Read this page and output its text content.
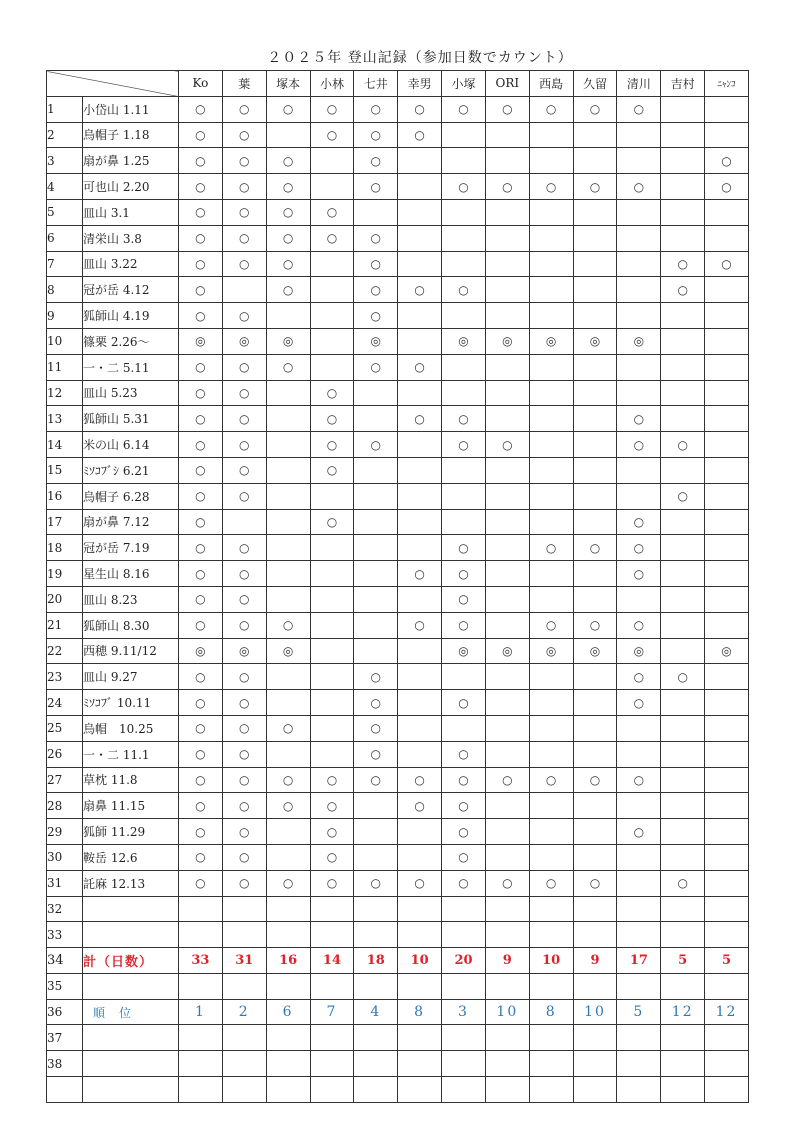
２０２５年 登山記録（参加日数でカウント）
		Ko	葉	塚本	小林	七井	幸男	小塚	ORI	西島	久留	清川	吉村	ﾆｬﾝｺ
1	小岱山 1.11	○	○	○	○	○	○	○	○	○	○	○		
2	烏帽子 1.18	○	○		○	○	○							
3	扇が鼻 1.25	○	○	○		○								○
4	可也山 2.20	○	○	○		○		○	○	○	○	○		○
5	皿山 3.1	○	○	○	○									
6	清栄山 3.8	○	○	○	○	○								
7	皿山 3.22	○	○	○		○							○	○
8	冠が岳 4.12	○		○		○	○	○					○	
9	狐師山 4.19	○	○			○								
10	篠栗 2.26～	◎	◎	◎		◎		◎	◎	◎	◎	◎		
11	一・二 5.11	○	○	○		○	○							
12	皿山 5.23	○	○		○									
13	狐師山 5.31	○	○		○		○	○				○		
14	米の山 6.14	○	○		○	○		○	○			○	○	
15	ﾐｿｺﾌﾞｼ 6.21	○	○		○									
16	烏帽子 6.28	○	○										○	
17	扇が鼻 7.12	○			○							○		
18	冠が岳 7.19	○	○					○		○	○	○		
19	星生山 8.16	○	○				○	○				○		
20	皿山 8.23	○	○					○						
21	狐師山 8.30	○	○	○			○	○		○	○	○		
22	西穂 9.11/12	◎	◎	◎				◎	◎	◎	◎	◎		◎
23	皿山 9.27	○	○			○						○	○	
24	ﾐｿｺﾌﾞ 10.11	○	○			○		○				○		
25	烏帽　10.25	○	○	○		○								
26	一・二 11.1	○	○			○		○						
27	草枕 11.8	○	○	○	○	○	○	○	○	○	○	○		
28	扇鼻 11.15	○	○	○	○		○	○						
29	狐師 11.29	○	○		○			○				○		
30	鞍岳 12.6	○	○		○			○						
31	託麻 12.13	○	○	○	○	○	○	○	○	○	○		○	
32														
33														
34	計（日数）	33	31	16	14	18	10	20	9	10	9	17	5	5
35														
36	順位	1	2	6	7	4	8	3	10	8	10	5	12	12
37														
38														
